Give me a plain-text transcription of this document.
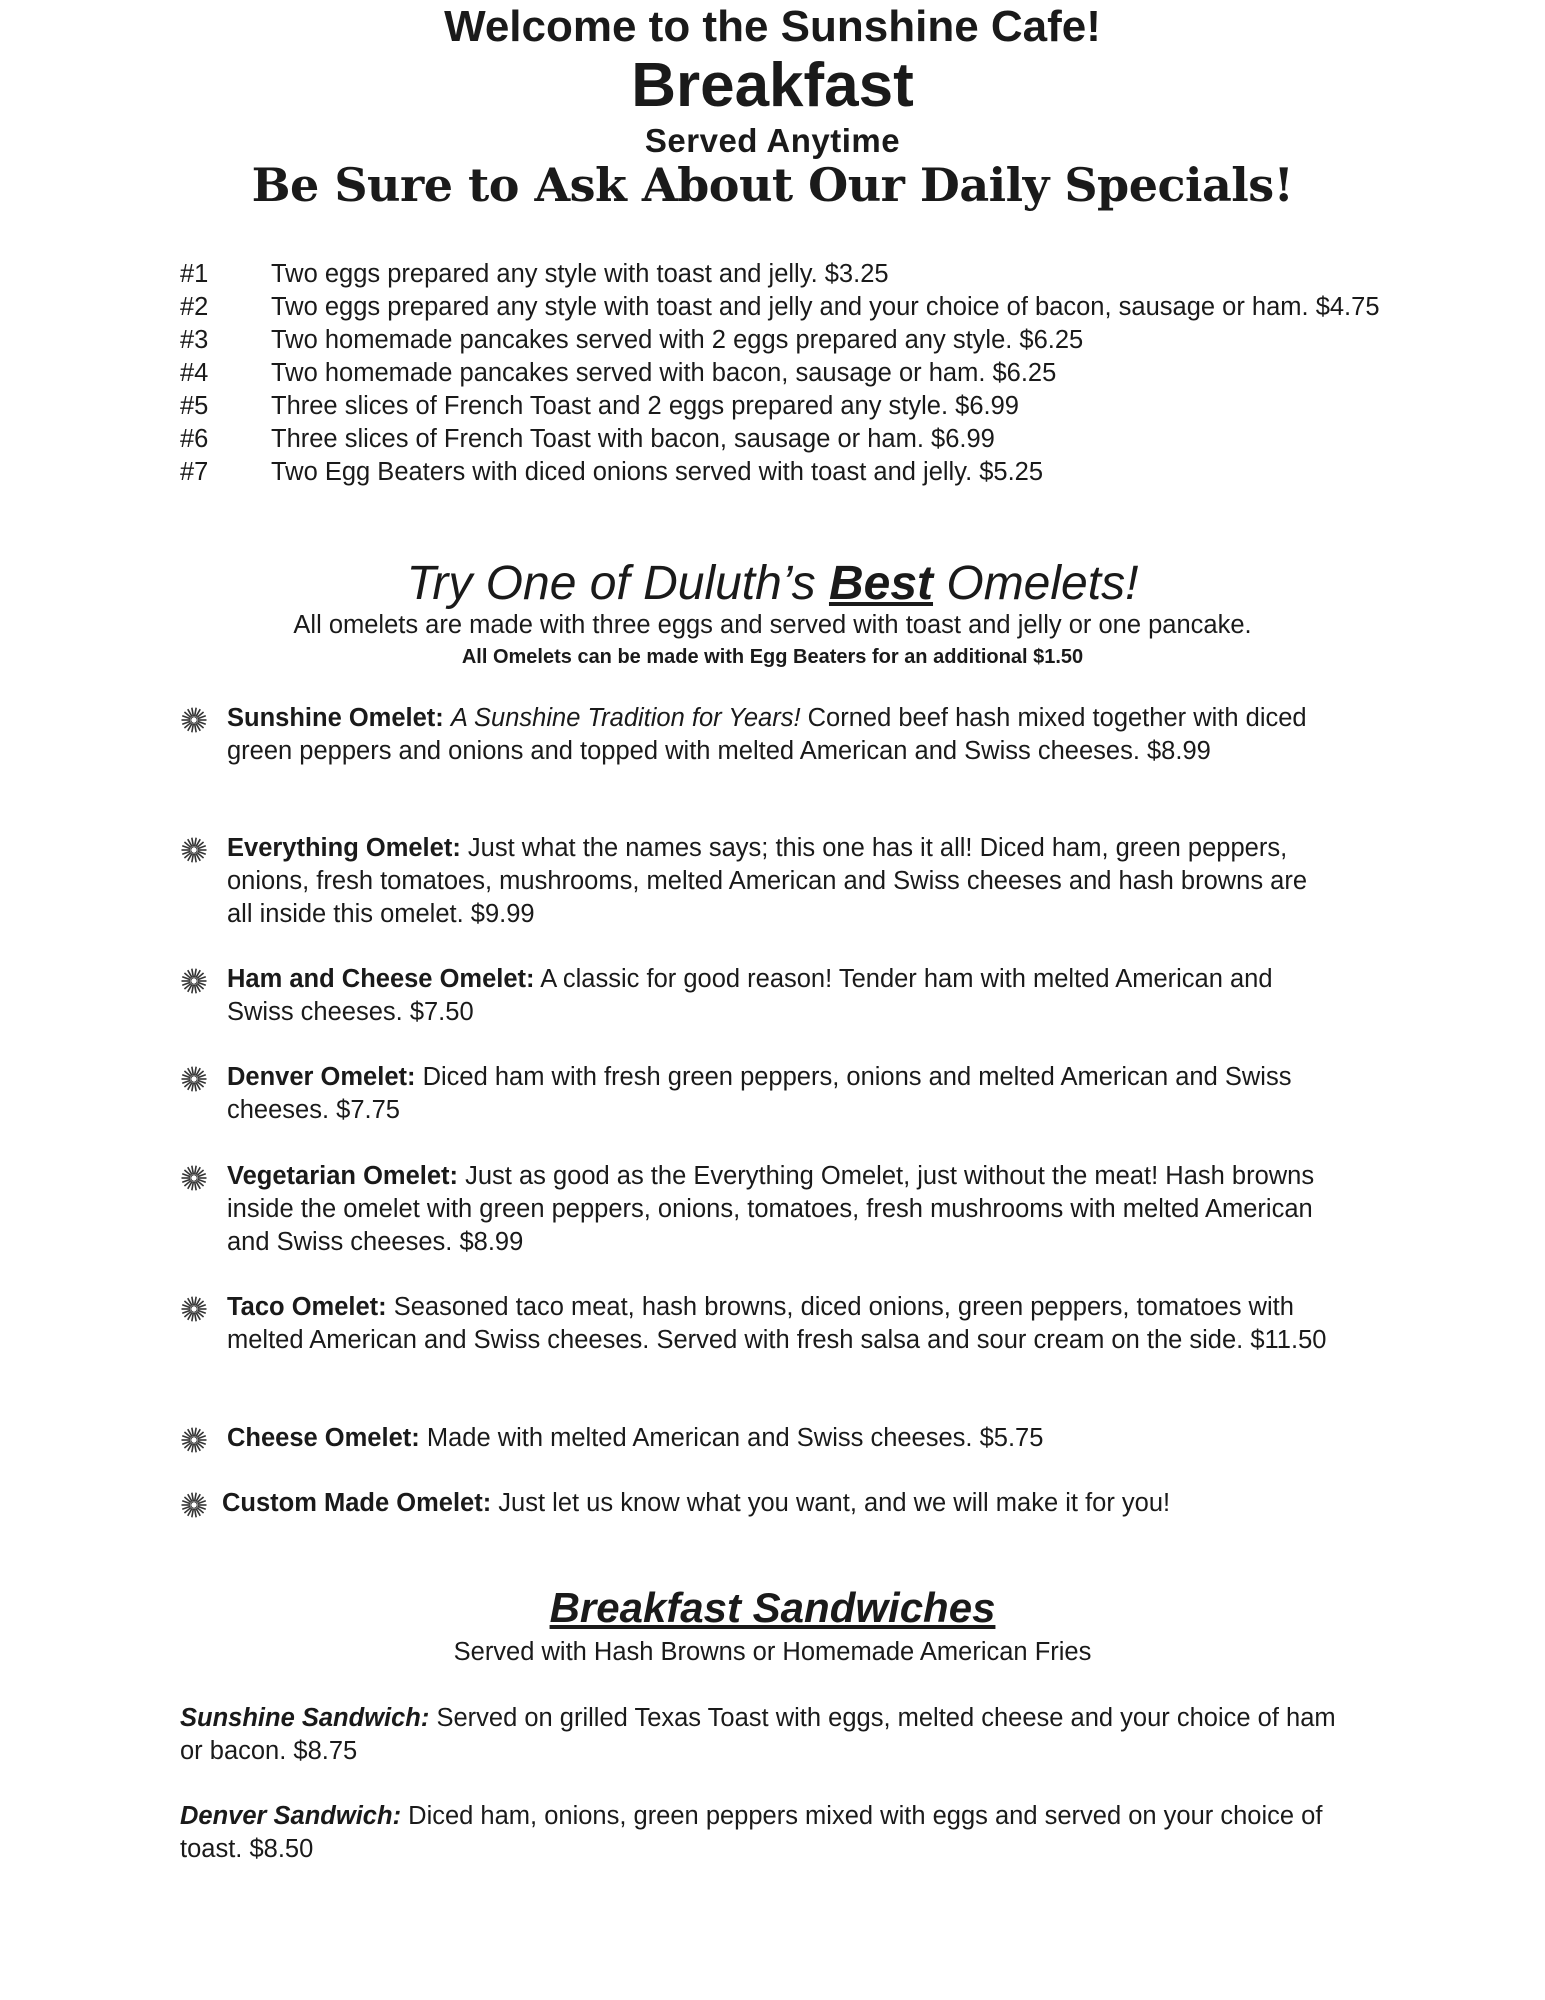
Welcome to the Sunshine Cafe!
Breakfast
Served Anytime
Be Sure to Ask About Our Daily Specials!
#1	Two eggs prepared any style with toast and jelly. $3.25
#2	Two eggs prepared any style with toast and jelly and your choice of bacon, sausage or ham. $4.75
#3	Two homemade pancakes served with 2 eggs prepared any style. $6.25
#4	Two homemade pancakes served with bacon, sausage or ham. $6.25
#5	Three slices of French Toast and 2 eggs prepared any style. $6.99
#6	Three slices of French Toast with bacon, sausage or ham. $6.99
#7	Two Egg Beaters with diced onions served with toast and jelly. $5.25
Try One of Duluth’s Best Omelets!
All omelets are made with three eggs and served with toast and jelly or one pancake.
All Omelets can be made with Egg Beaters for an additional $1.50
Sunshine Omelet: A Sunshine Tradition for Years! Corned beef hash mixed together with diced green peppers and onions and topped with melted American and Swiss cheeses. $8.99
Everything Omelet: Just what the names says; this one has it all! Diced ham, green peppers, onions, fresh tomatoes, mushrooms, melted American and Swiss cheeses and hash browns are all inside this omelet. $9.99
Ham and Cheese Omelet: A classic for good reason! Tender ham with melted American and Swiss cheeses. $7.50
Denver Omelet: Diced ham with fresh green peppers, onions and melted American and Swiss cheeses. $7.75
Vegetarian Omelet: Just as good as the Everything Omelet, just without the meat! Hash browns inside the omelet with green peppers, onions, tomatoes, fresh mushrooms with melted American and Swiss cheeses. $8.99
Taco Omelet: Seasoned taco meat, hash browns, diced onions, green peppers, tomatoes with melted American and Swiss cheeses. Served with fresh salsa and sour cream on the side. $11.50
Cheese Omelet: Made with melted American and Swiss cheeses. $5.75
Custom Made Omelet: Just let us know what you want, and we will make it for you!
Breakfast Sandwiches
Served with Hash Browns or Homemade American Fries
Sunshine Sandwich: Served on grilled Texas Toast with eggs, melted cheese and your choice of ham or bacon. $8.75
Denver Sandwich: Diced ham, onions, green peppers mixed with eggs and served on your choice of toast. $8.50
